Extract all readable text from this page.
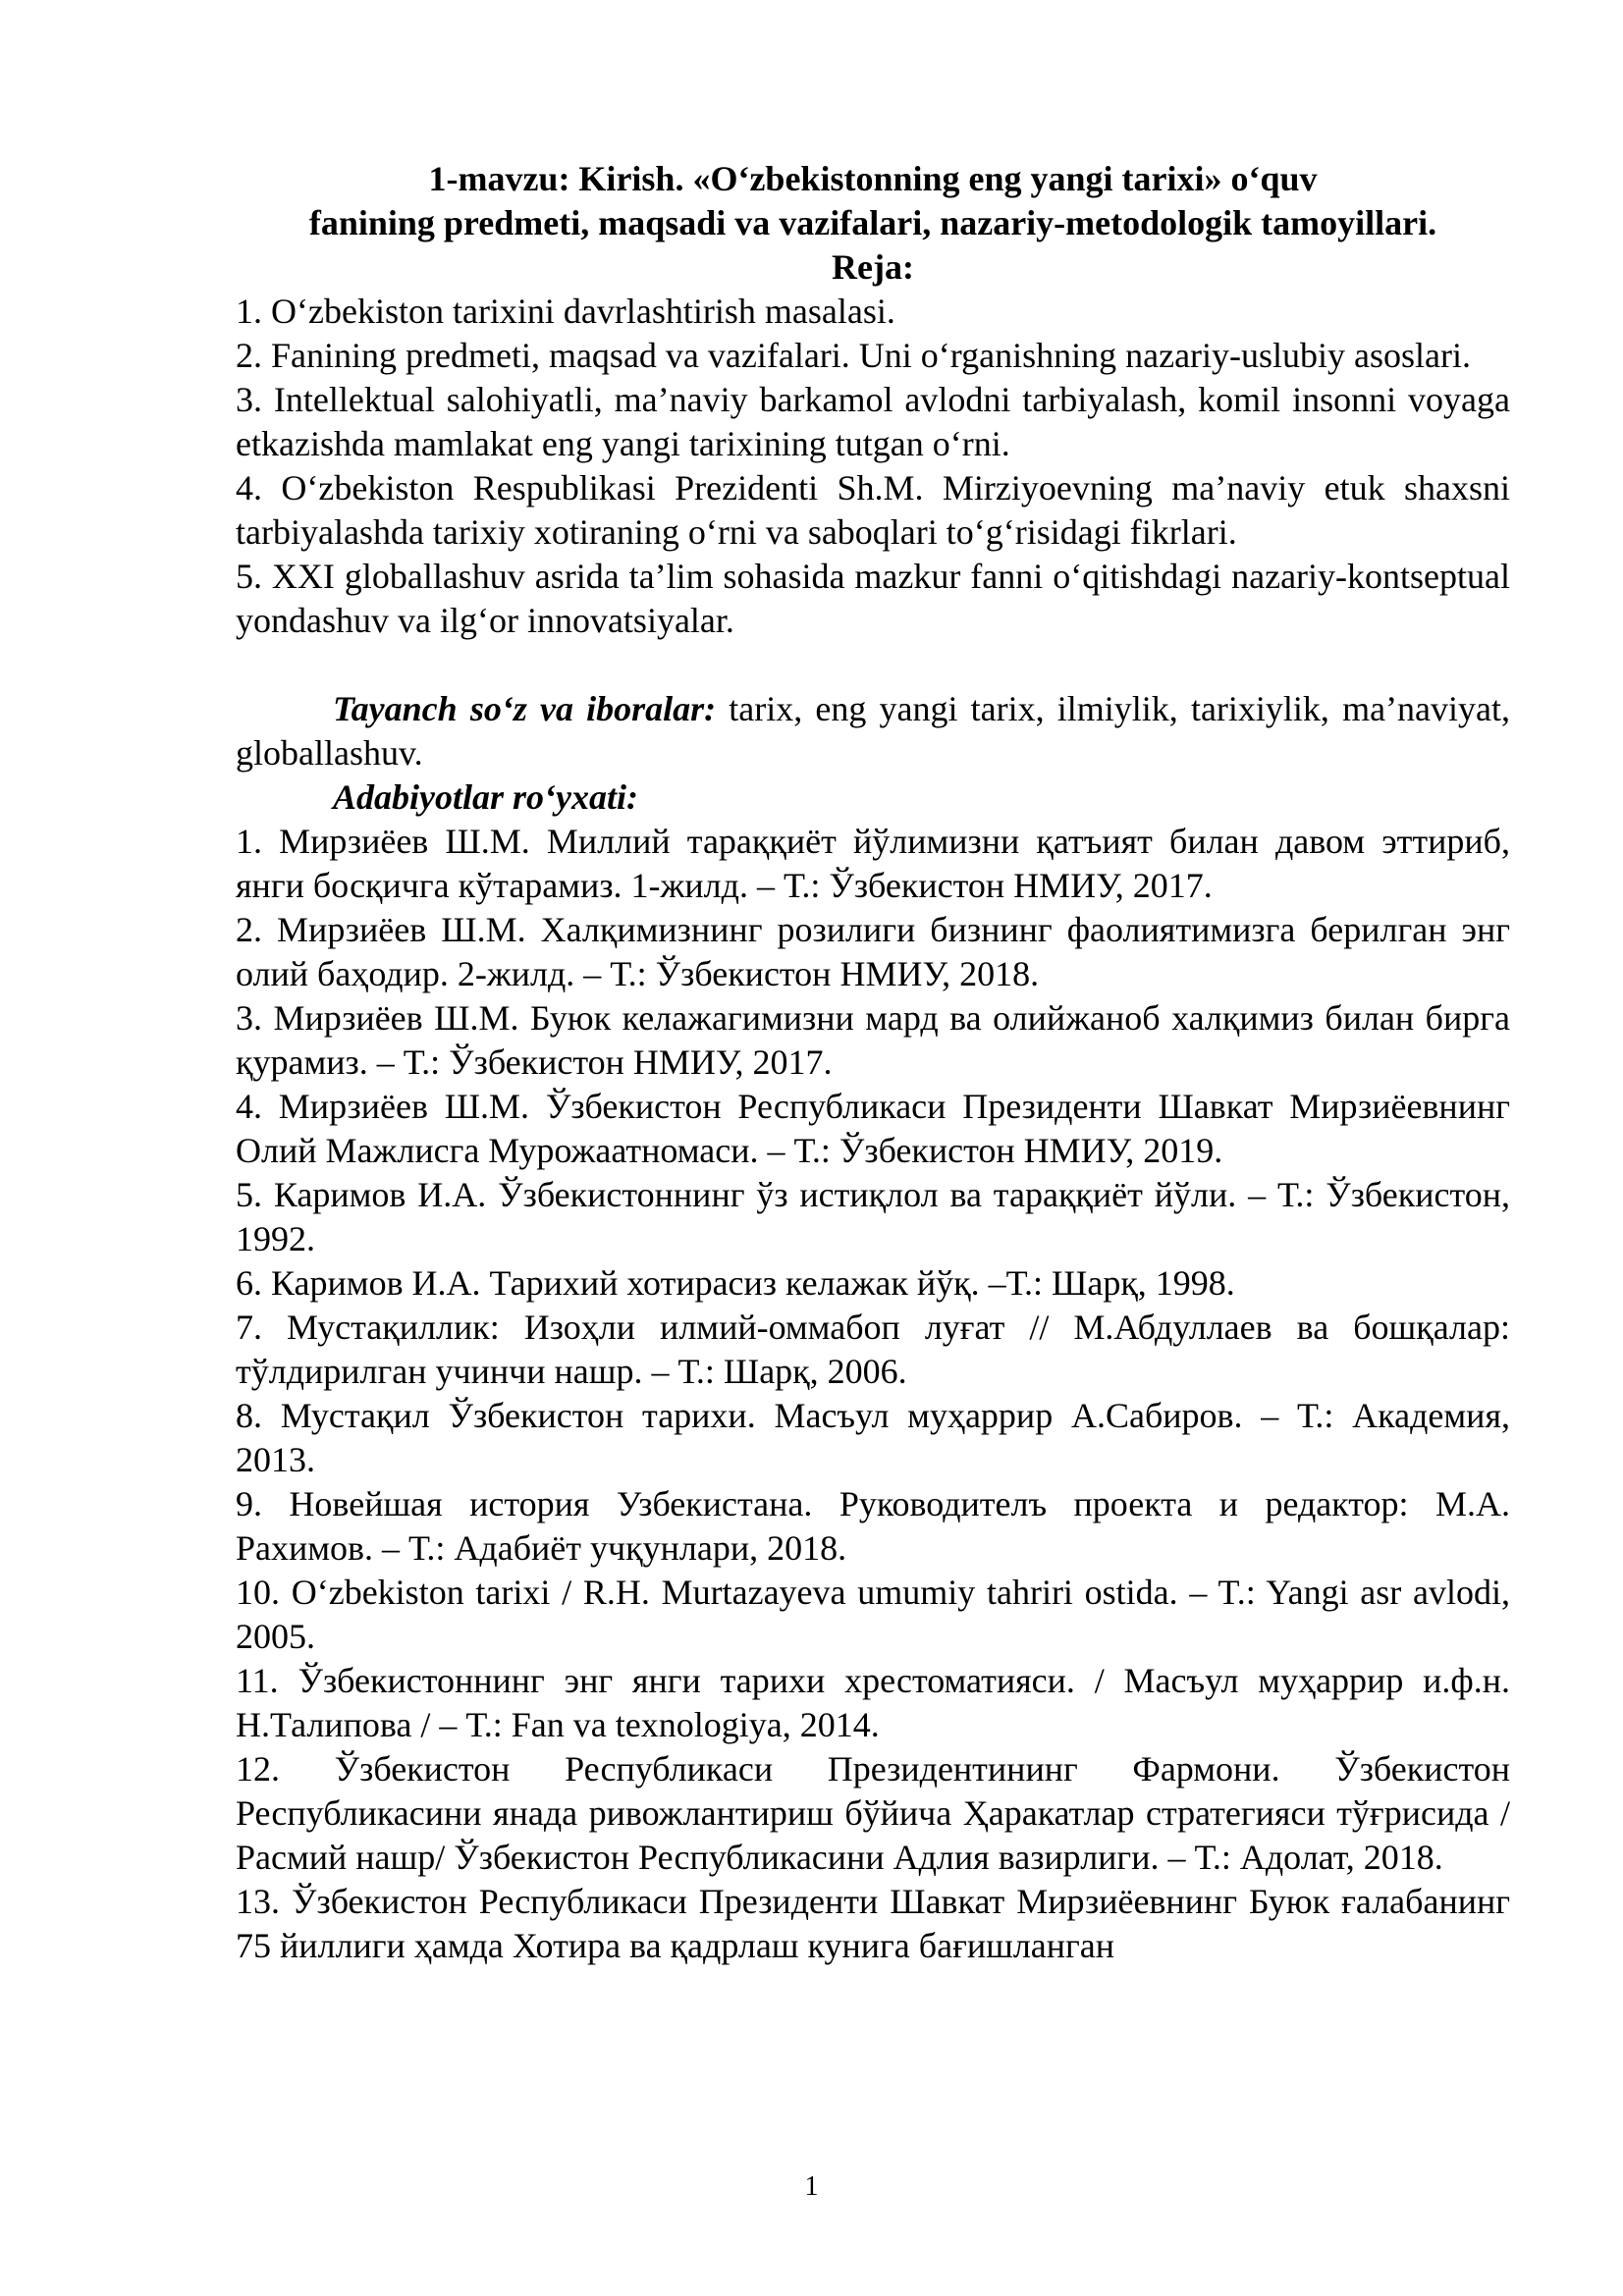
1-mavzu: Kirish. «O‘zbekistonning eng yangi tarixi» o‘quv
fanining predmeti, maqsadi va vazifalari, nazariy-metodologik tamoyillari.
Reja:

1. O‘zbekiston tarixini davrlashtirish masalasi.

2. Fanining predmeti, maqsad va vazifalari. Uni o‘rganishning nazariy-uslubiy asoslari.

3. Intellektual salohiyatli, ma’naviy barkamol avlodni tarbiyalash, komil insonni voyaga etkazishda mamlakat eng yangi tarixining tutgan o‘rni.

4. O‘zbekiston Respublikasi Prezidenti Sh.M. Mirziyoevning ma’naviy etuk shaxsni tarbiyalashda tarixiy xotiraning o‘rni va saboqlari to‘g‘risidagi fikrlari.

5. XXI globallashuv asrida ta’lim sohasida mazkur fanni o‘qitishdagi nazariy-kontseptual yondashuv va ilg‘or innovatsiyalar.

Tayanch so‘z va iboralar: tarix, eng yangi tarix, ilmiylik, tarixiylik, ma’naviyat, globallashuv.

Adabiyotlar ro‘yxati:

1. Мирзиёев Ш.М. Миллий тараққиёт йўлимизни қатъият билан давом эттириб, янги босқичга кўтарамиз. 1-жилд. – Т.: Ўзбекистон НМИУ, 2017.

2. Мирзиёев Ш.М. Халқимизнинг розилиги бизнинг фаолиятимизга берилган энг олий баҳодир. 2-жилд. – Т.: Ўзбекистон НМИУ, 2018.

3. Мирзиёев Ш.М. Буюк келажагимизни мард ва олийжаноб халқимиз билан бирга қурамиз. – Т.: Ўзбекистон НМИУ, 2017.

4. Мирзиёев Ш.М. Ўзбекистон Республикаси Президенти Шавкат Мирзиёевнинг Олий Мажлисга Мурожаатномаси. – Т.: Ўзбекистон НМИУ, 2019.

5. Каримов И.А. Ўзбекистоннинг ўз истиқлол ва тараққиёт йўли. – Т.: Ўзбекистон, 1992.

6. Каримов И.А. Тарихий хотирасиз келажак йўқ. –Т.: Шарқ, 1998.

7. Мустақиллик: Изоҳли илмий-оммабоп луғат // М.Абдуллаев ва бошқалар: тўлдирилган учинчи нашр. – Т.: Шарқ, 2006.

8. Мустақил Ўзбекистон тарихи. Масъул муҳаррир А.Сабиров. – Т.: Академия, 2013.

9. Новейшая история Узбекистана. Руководителъ проекта и редактор: М.А. Рахимов. – Т.: Адабиёт учқунлари, 2018.

10. O‘zbekiston tarixi / R.H. Murtazayeva umumiy tahriri ostida. – T.: Yangi asr avlodi, 2005.

11. Ўзбекистоннинг энг янги тарихи хрестоматияси. / Масъул муҳаррир и.ф.н. Н.Талипова / – Т.: Fan va texnologiya, 2014.

12. Ўзбекистон Республикаси Президентининг Фармони. Ўзбекистон Республикасини янада ривожлантириш бўйича Ҳаракатлар стратегияси тўғрисида /Расмий нашр/ Ўзбекистон Республикасини Адлия вазирлиги. – Т.: Адолат, 2018.

13. Ўзбекистон Республикаси Президенти Шавкат Мирзиёевнинг Буюк ғалабанинг 75 йиллиги ҳамда Хотира ва қадрлаш кунига бағишланган

1
